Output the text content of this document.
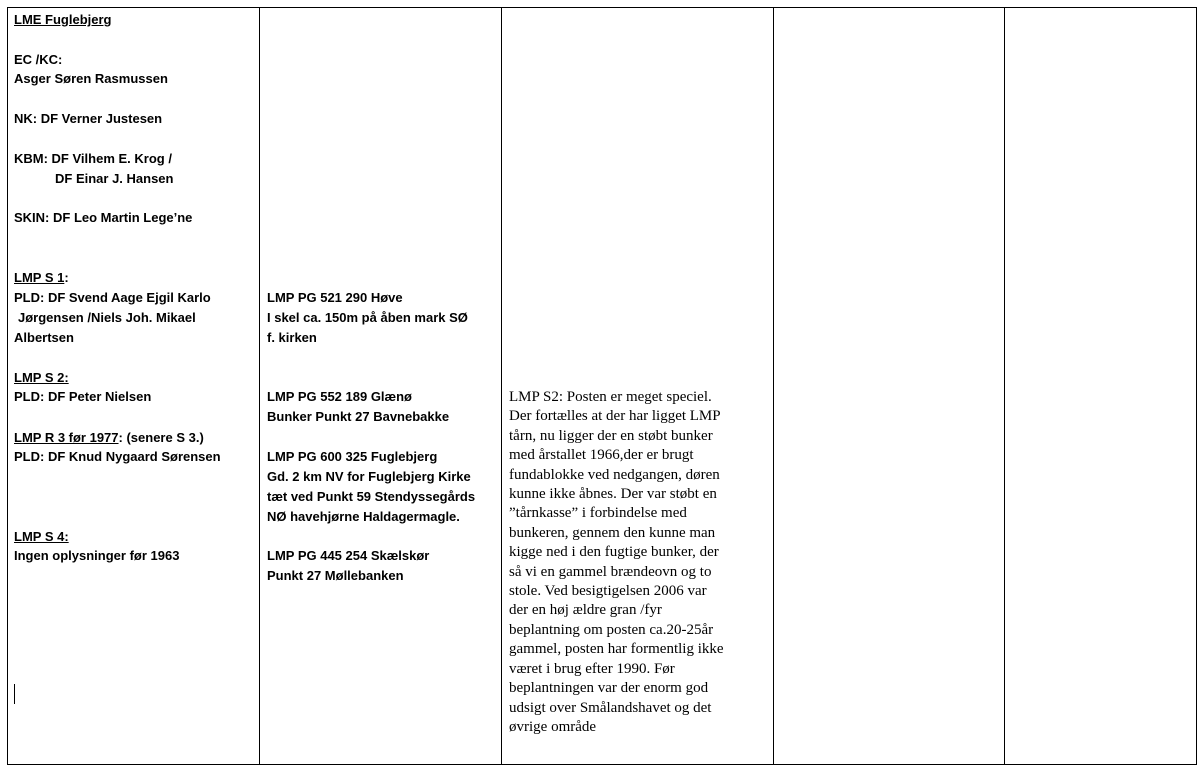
LME Fuglebjerg
EC /KC:
Asger Søren Rasmussen
NK: DF Verner Justesen
KBM: DF Vilhem E. Krog /
DF Einar J. Hansen
SKIN: DF Leo Martin Lege’ne
LMP S 1:
PLD: DF Svend Aage Ejgil Karlo
Jørgensen /Niels Joh. Mikael
Albertsen
LMP S 2:
PLD: DF Peter Nielsen
LMP R 3 før 1977: (senere S 3.)
PLD: DF Knud Nygaard Sørensen
LMP S 4:
Ingen oplysninger før 1963
LMP PG 521 290 Høve
I skel ca. 150m på åben mark SØ
f. kirken
LMP PG 552 189 Glænø
Bunker Punkt 27 Bavnebakke
LMP PG 600 325 Fuglebjerg
Gd. 2 km NV for Fuglebjerg Kirke
tæt ved Punkt 59 Stendyssegårds
NØ havehjørne Haldagermagle.
LMP PG 445 254 Skælskør
Punkt 27 Møllebanken
LMP S2: Posten er meget speciel.
Der fortælles at der har ligget LMP
tårn, nu ligger der en støbt bunker
med årstallet 1966,der er brugt
fundablokke ved nedgangen, døren
kunne ikke åbnes. Der var støbt en
”tårnkasse” i forbindelse med
bunkeren, gennem den kunne man
kigge ned i den fugtige bunker, der
så vi en gammel brændeovn og to
stole. Ved besigtigelsen 2006 var
der en høj ældre gran /fyr
beplantning om posten ca.20-25år
gammel, posten har formentlig ikke
været i brug efter 1990. Før
beplantningen var der enorm god
udsigt over Smålandshavet og det
øvrige område
